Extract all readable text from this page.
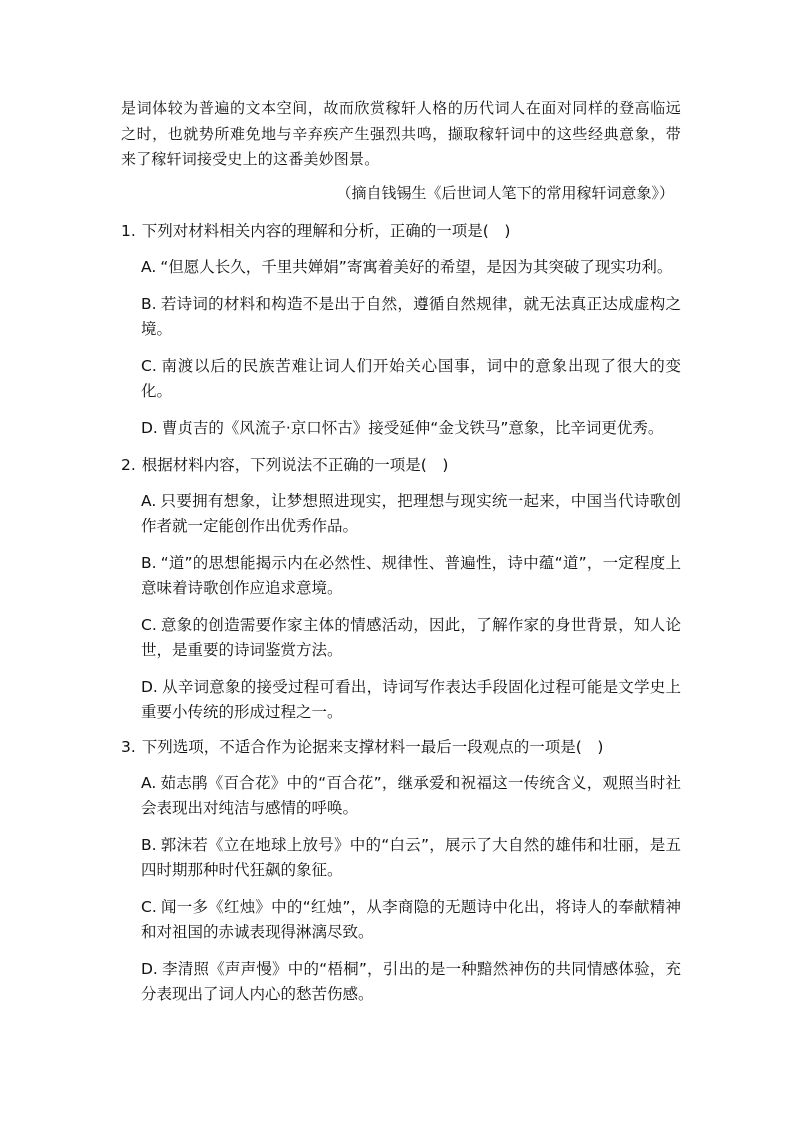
是词体较为普遍的文本空间，故而欣赏稼轩人格的历代词人在面对同样的登高临远之时，也就势所难免地与辛弃疾产生强烈共鸣，撷取稼轩词中的这些经典意象，带来了稼轩词接受史上的这番美妙图景。

（摘自钱锡生《后世词人笔下的常用稼轩词意象》）

1. 下列对材料相关内容的理解和分析，正确的一项是(　)

A. “但愿人长久，千里共婵娟”寄寓着美好的希望，是因为其突破了现实功利。
B. 若诗词的材料和构造不是出于自然，遵循自然规律，就无法真正达成虚构之境。
C. 南渡以后的民族苦难让词人们开始关心国事，词中的意象出现了很大的变化。
D. 曹贞吉的《风流子·京口怀古》接受延伸“金戈铁马”意象，比辛词更优秀。

2. 根据材料内容，下列说法不正确的一项是(　)

A. 只要拥有想象，让梦想照进现实，把理想与现实统一起来，中国当代诗歌创作者就一定能创作出优秀作品。
B. “道”的思想能揭示内在必然性、规律性、普遍性，诗中蕴“道”，一定程度上意味着诗歌创作应追求意境。
C. 意象的创造需要作家主体的情感活动，因此，了解作家的身世背景，知人论世，是重要的诗词鉴赏方法。
D. 从辛词意象的接受过程可看出，诗词写作表达手段固化过程可能是文学史上重要小传统的形成过程之一。

3. 下列选项，不适合作为论据来支撑材料一最后一段观点的一项是(　)

A. 茹志鹃《百合花》中的“百合花”，继承爱和祝福这一传统含义，观照当时社会表现出对纯洁与感情的呼唤。
B. 郭沫若《立在地球上放号》中的“白云”，展示了大自然的雄伟和壮丽，是五四时期那种时代狂飙的象征。
C. 闻一多《红烛》中的“红烛”，从李商隐的无题诗中化出，将诗人的奉献精神和对祖国的赤诚表现得淋漓尽致。
D. 李清照《声声慢》中的“梧桐”，引出的是一种黯然神伤的共同情感体验，充分表现出了词人内心的愁苦伤感。
